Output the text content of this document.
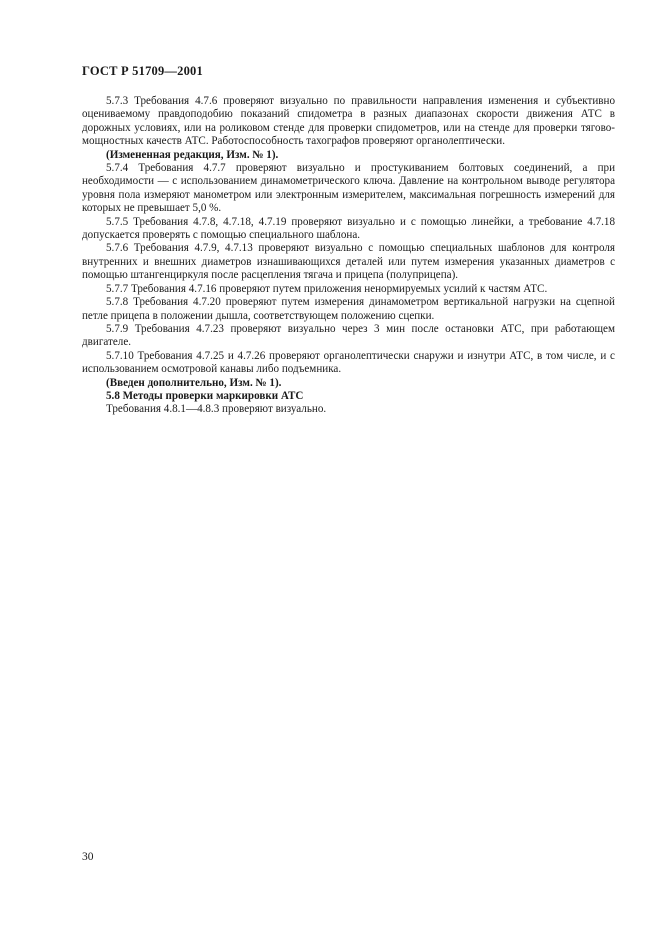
ГОСТ Р 51709—2001

5.7.3 Требования 4.7.6 проверяют визуально по правильности направления изменения и субъективно оцениваемому правдоподобию показаний спидометра в разных диапазонах скорости движения АТС в дорожных условиях, или на роликовом стенде для проверки спидометров, или на стенде для проверки тягово-мощностных качеств АТС. Работоспособность тахографов проверяют органолептически.

(Измененная редакция, Изм. № 1).

5.7.4 Требования 4.7.7 проверяют визуально и простукиванием болтовых соединений, а при необходимости — с использованием динамометрического ключа. Давление на контрольном выводе регулятора уровня пола измеряют манометром или электронным измерителем, максимальная погрешность измерений для которых не превышает 5,0 %.

5.7.5 Требования 4.7.8, 4.7.18, 4.7.19 проверяют визуально и с помощью линейки, а требование 4.7.18 допускается проверять с помощью специального шаблона.

5.7.6 Требования 4.7.9, 4.7.13 проверяют визуально с помощью специальных шаблонов для контроля внутренних и внешних диаметров изнашивающихся деталей или путем измерения указанных диаметров с помощью штангенциркуля после расцепления тягача и прицепа (полуприцепа).

5.7.7 Требования 4.7.16 проверяют путем приложения ненормируемых усилий к частям АТС.

5.7.8 Требования 4.7.20 проверяют путем измерения динамометром вертикальной нагрузки на сцепной петле прицепа в положении дышла, соответствующем положению сцепки.

5.7.9 Требования 4.7.23 проверяют визуально через 3 мин после остановки АТС, при работающем двигателе.

5.7.10 Требования 4.7.25 и 4.7.26 проверяют органолептически снаружи и изнутри АТС, в том числе, и с использованием осмотровой канавы либо подъемника.

(Введен дополнительно, Изм. № 1).

5.8 Методы проверки маркировки АТС

Требования 4.8.1—4.8.3 проверяют визуально.

30
